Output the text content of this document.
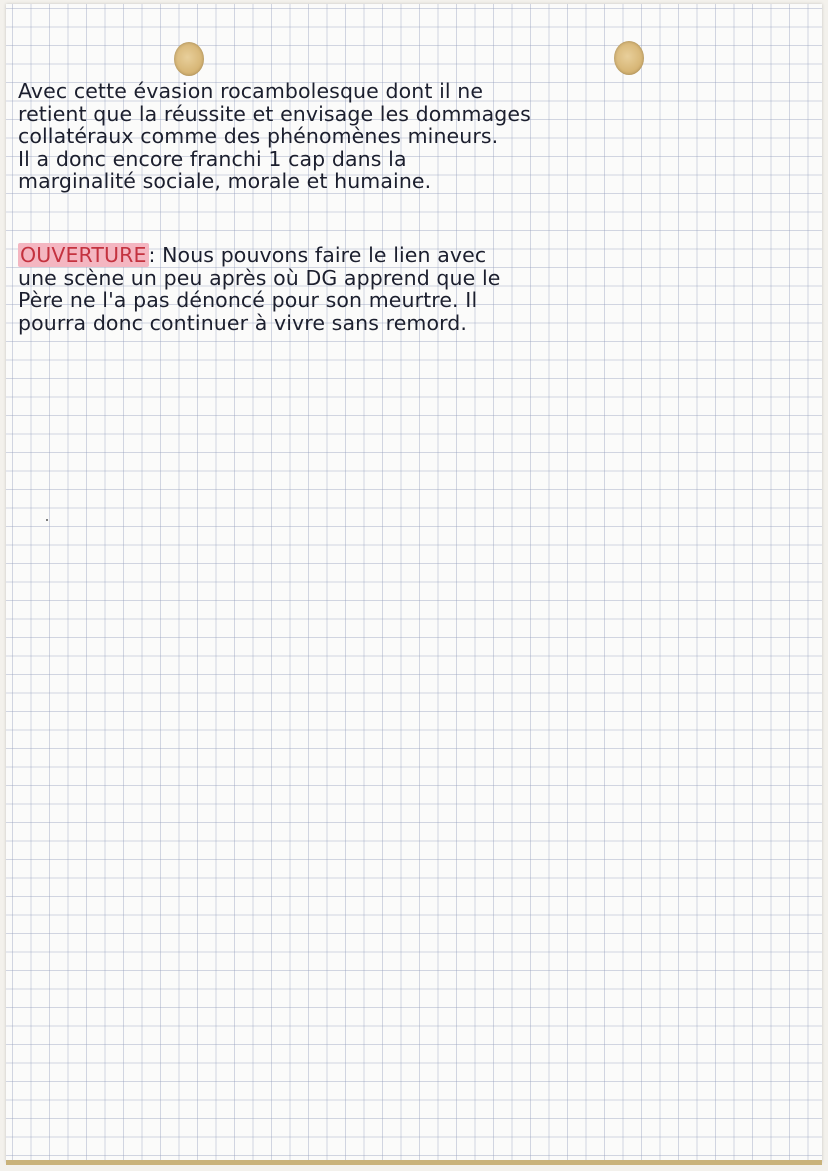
Avec cette évasion rocambolesque dont il ne
retient que la réussite et envisage les dommages
collatéraux comme des phénomènes mineurs.
Il a donc encore franchi 1 cap dans la
marginalité sociale, morale et humaine.
OUVERTURE: Nous pouvons faire le lien avec
une scène un peu après où DG apprend que le
Père ne l'a pas dénoncé pour son meurtre. Il
pourra donc continuer à vivre sans remord.
